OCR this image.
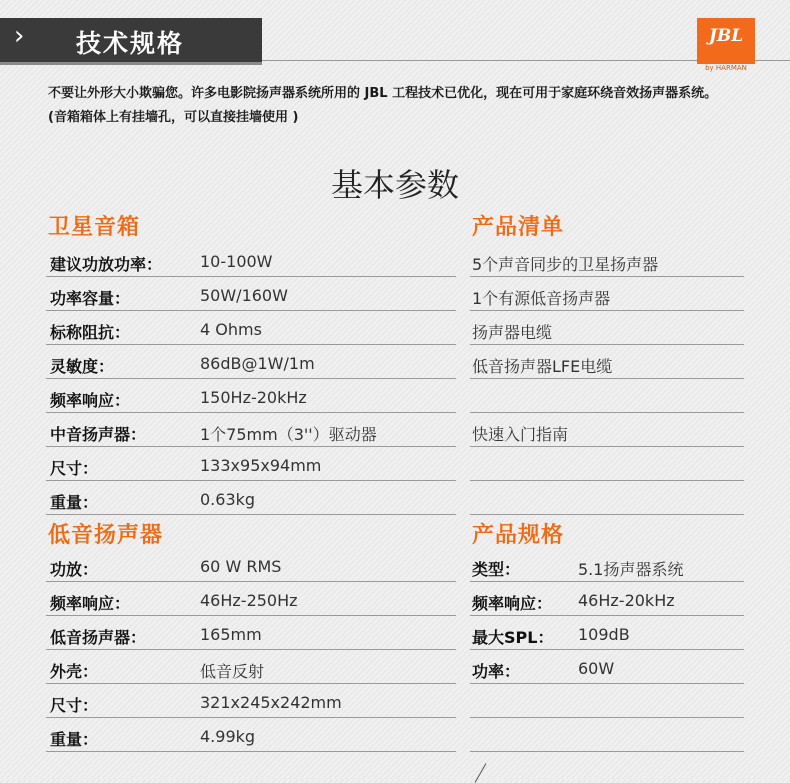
› 技术规格	JBL
by HARMAN
不要让外形大小欺骗您。许多电影院扬声器系统所用的 JBL 工程技术已优化，现在可用于家庭环绕音效扬声器系统。(音箱箱体上有挂墙孔，可以直接挂墙使用 )
基本参数
卫星音箱	产品清单
建议功放功率： 10-100W	5个声音同步的卫星扬声器
功率容量：	50W/160W	1个有源低音扬声器
标称阻抗：	4 Ohms	扬声器电缆
灵敏度：	86dB@1W/1m	低音扬声器LFE电缆
频率响应：	150Hz-20kHz
中音扬声器：	1个75mm（3''）驱动器	快速入门指南
尺寸：	133x95x94mm
重量：	0.63kg
低音扬声器	产品规格
功放：	60 W RMS	类型：	5.1扬声器系统
频率响应：	46Hz-250Hz	频率响应： 46Hz-20kHz
低音扬声器：	165mm	最大SPL： 109dB
外壳：	低音反射	功率：	60W
尺寸：	321x245x242mm
重量：	4.99kg
